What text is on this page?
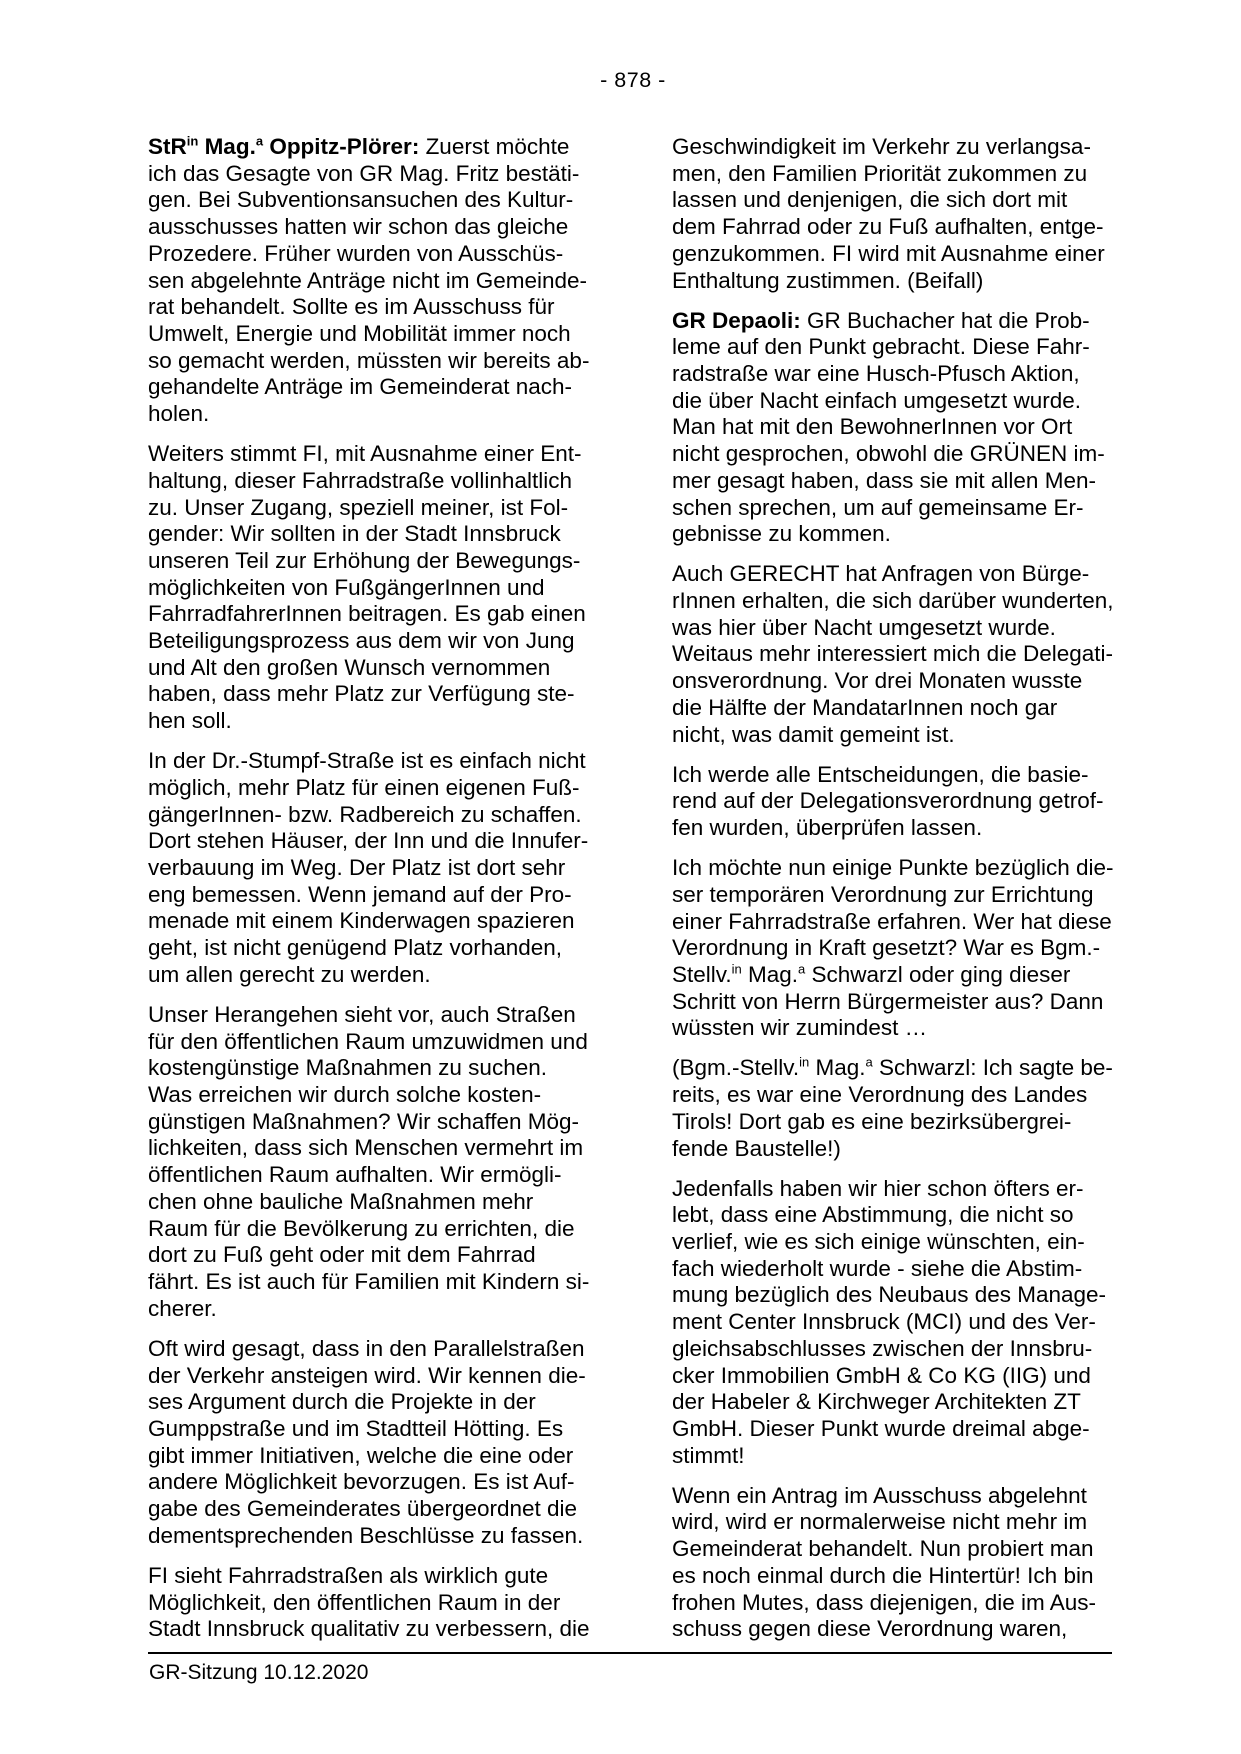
- 878 -

StR$^{in}$ Mag.$^a$ Oppitz-Plörer: Zuerst möchte
ich das Gesagte von GR Mag. Fritz bestäti-
gen. Bei Subventionsansuchen des Kultur-
ausschusses hatten wir schon das gleiche
Prozedere. Früher wurden von Ausschüs-
sen abgelehnte Anträge nicht im Gemeinde-
rat behandelt. Sollte es im Ausschuss für
Umwelt, Energie und Mobilität immer noch
so gemacht werden, müssten wir bereits ab-
gehandelte Anträge im Gemeinderat nach-
holen.

Weiters stimmt FI, mit Ausnahme einer Ent-
haltung, dieser Fahrradstraße vollinhaltlich
zu. Unser Zugang, speziell meiner, ist Fol-
gender: Wir sollten in der Stadt Innsbruck
unseren Teil zur Erhöhung der Bewegungs-
möglichkeiten von FußgängerInnen und
FahrradfahrerInnen beitragen. Es gab einen
Beteiligungsprozess aus dem wir von Jung
und Alt den großen Wunsch vernommen
haben, dass mehr Platz zur Verfügung ste-
hen soll.

In der Dr.-Stumpf-Straße ist es einfach nicht
möglich, mehr Platz für einen eigenen Fuß-
gängerInnen- bzw. Radbereich zu schaffen.
Dort stehen Häuser, der Inn und die Innufer-
verbauung im Weg. Der Platz ist dort sehr
eng bemessen. Wenn jemand auf der Pro-
menade mit einem Kinderwagen spazieren
geht, ist nicht genügend Platz vorhanden,
um allen gerecht zu werden.

Unser Herangehen sieht vor, auch Straßen
für den öffentlichen Raum umzuwidmen und
kostengünstige Maßnahmen zu suchen.
Was erreichen wir durch solche kosten-
günstigen Maßnahmen? Wir schaffen Mög-
lichkeiten, dass sich Menschen vermehrt im
öffentlichen Raum aufhalten. Wir ermögli-
chen ohne bauliche Maßnahmen mehr
Raum für die Bevölkerung zu errichten, die
dort zu Fuß geht oder mit dem Fahrrad
fährt. Es ist auch für Familien mit Kindern si-
cherer.

Oft wird gesagt, dass in den Parallelstraßen
der Verkehr ansteigen wird. Wir kennen die-
ses Argument durch die Projekte in der
Gumppstraße und im Stadtteil Hötting. Es
gibt immer Initiativen, welche die eine oder
andere Möglichkeit bevorzugen. Es ist Auf-
gabe des Gemeinderates übergeordnet die
dementsprechenden Beschlüsse zu fassen.

FI sieht Fahrradstraßen als wirklich gute
Möglichkeit, den öffentlichen Raum in der
Stadt Innsbruck qualitativ zu verbessern, die

Geschwindigkeit im Verkehr zu verlangsa-
men, den Familien Priorität zukommen zu
lassen und denjenigen, die sich dort mit
dem Fahrrad oder zu Fuß aufhalten, entge-
genzukommen. FI wird mit Ausnahme einer
Enthaltung zustimmen. (Beifall)

GR Depaoli: GR Buchacher hat die Prob-
leme auf den Punkt gebracht. Diese Fahr-
radstraße war eine Husch-Pfusch Aktion,
die über Nacht einfach umgesetzt wurde.
Man hat mit den BewohnerInnen vor Ort
nicht gesprochen, obwohl die GRÜNEN im-
mer gesagt haben, dass sie mit allen Men-
schen sprechen, um auf gemeinsame Er-
gebnisse zu kommen.

Auch GERECHT hat Anfragen von Bürge-
rInnen erhalten, die sich darüber wunderten,
was hier über Nacht umgesetzt wurde.
Weitaus mehr interessiert mich die Delegati-
onsverordnung. Vor drei Monaten wusste
die Hälfte der MandatarInnen noch gar
nicht, was damit gemeint ist.

Ich werde alle Entscheidungen, die basie-
rend auf der Delegationsverordnung getrof-
fen wurden, überprüfen lassen.

Ich möchte nun einige Punkte bezüglich die-
ser temporären Verordnung zur Errichtung
einer Fahrradstraße erfahren. Wer hat diese
Verordnung in Kraft gesetzt? War es Bgm.-
Stellv.$^{in}$ Mag.$^a$ Schwarzl oder ging dieser
Schritt von Herrn Bürgermeister aus? Dann
wüssten wir zumindest …

(Bgm.-Stellv.$^{in}$ Mag.$^a$ Schwarzl: Ich sagte be-
reits, es war eine Verordnung des Landes
Tirols! Dort gab es eine bezirksübergrei-
fende Baustelle!)

Jedenfalls haben wir hier schon öfters er-
lebt, dass eine Abstimmung, die nicht so
verlief, wie es sich einige wünschten, ein-
fach wiederholt wurde - siehe die Abstim-
mung bezüglich des Neubaus des Manage-
ment Center Innsbruck (MCI) und des Ver-
gleichsabschlusses zwischen der Innsbru-
cker Immobilien GmbH & Co KG (IIG) und
der Habeler & Kirchweger Architekten ZT
GmbH. Dieser Punkt wurde dreimal abge-
stimmt!

Wenn ein Antrag im Ausschuss abgelehnt
wird, wird er normalerweise nicht mehr im
Gemeinderat behandelt. Nun probiert man
es noch einmal durch die Hintertür! Ich bin
frohen Mutes, dass diejenigen, die im Aus-
schuss gegen diese Verordnung waren,

GR-Sitzung 10.12.2020
